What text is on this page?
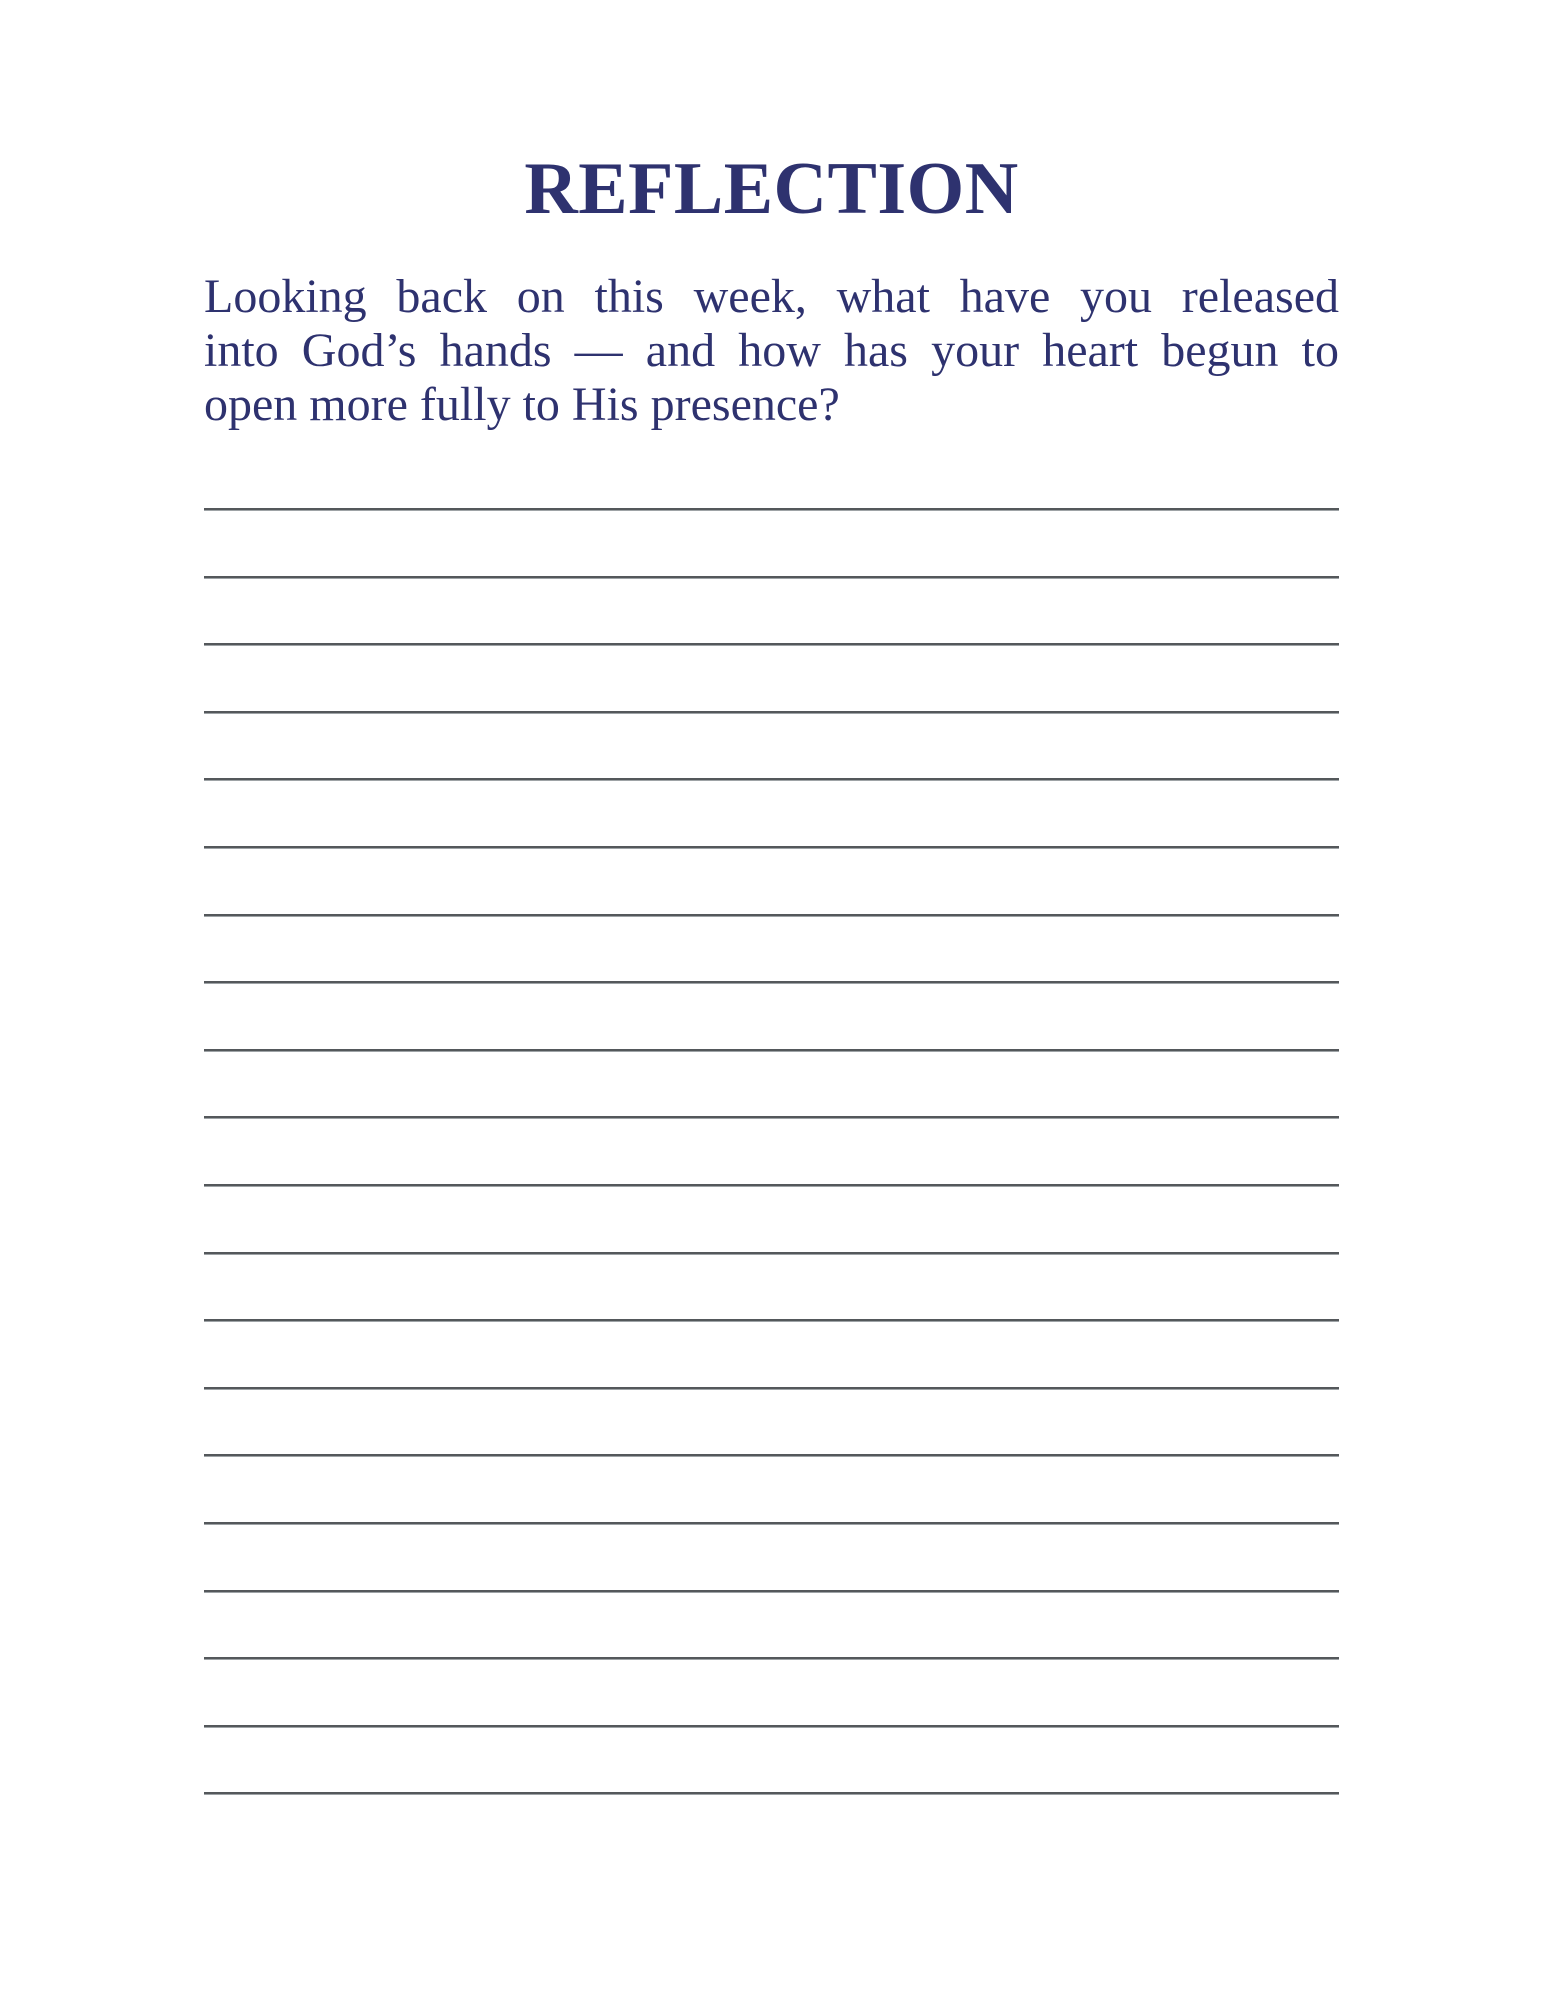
REFLECTION

Looking back on this week, what have you released

into God’s hands — and how has your heart begun to

open more fully to His presence?
